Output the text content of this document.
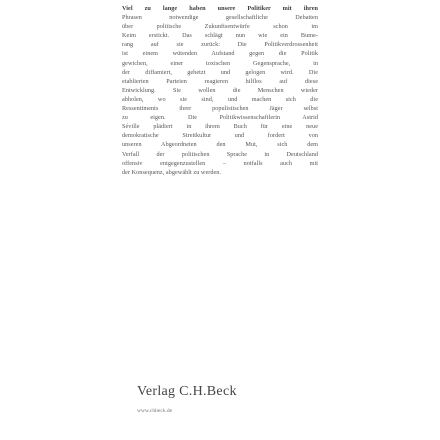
Viel zu lange haben unsere Politiker mit ihren
Phrasen notwendige gesellschaftliche Debatten
über politische Zukunftsentwürfe schon im
Keim erstickt. Das schlägt nun wie ein Bume-
rang auf sie zurück: Die Politikverdrossenheit
ist einem wütenden Aufstand gegen die Politik
gewichen, einer toxischen Gegensprache, in
der diffamiert, gehetzt und gelogen wird. Die
etablierten Parteien reagieren hilflos auf diese
Entwicklung. Sie wollen die Menschen wieder
abholen, wo sie sind, und machen sich die
Ressentiments ihrer populistischen Jäger selbst
zu eigen. Die Politikwissenschaftlerin Astrid
Séville plädiert in ihrem Buch für eine neue
demokratische Streitkultur und fordert von
unseren Abgeordneten den Mut, sich dem
Verfall der politischen Sprache in Deutschland
offensiv entgegenzustellen – notfalls auch mit
der Konsequenz, abgewählt zu werden.
Verlag C.H.Beck
www.chbeck.de
